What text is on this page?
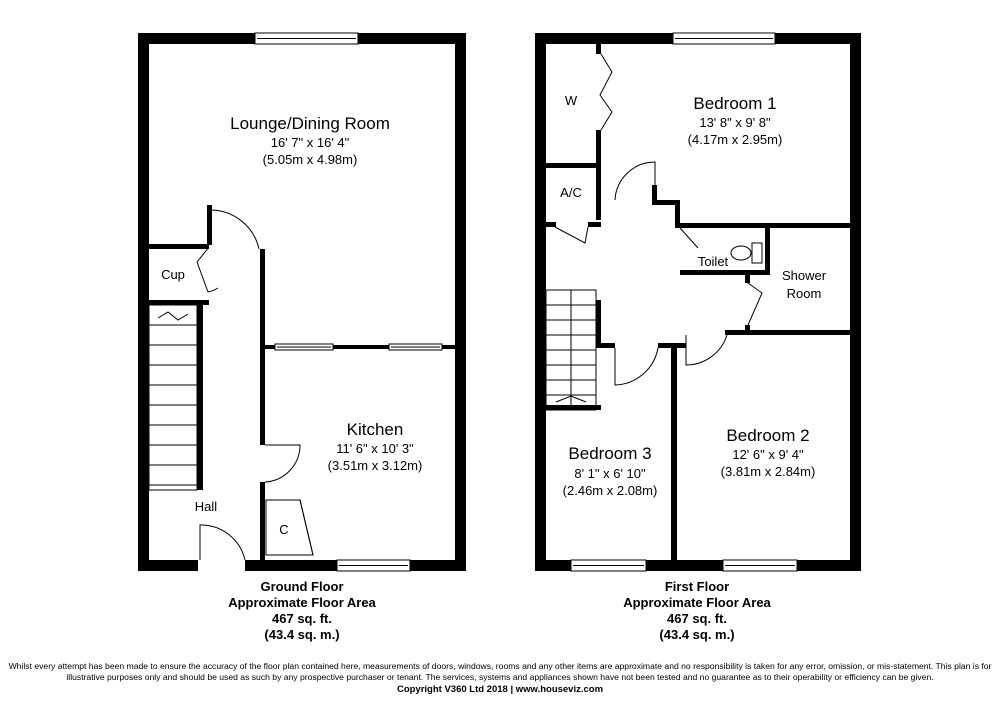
Lounge/Dining Room
16' 7" x 16' 4"
(5.05m x 4.98m)
Kitchen
11' 6" x 10' 3"
(3.51m x 3.12m)
Cup
Hall
C
Bedroom 1
13' 8" x 9' 8"
(4.17m x 2.95m)
Bedroom 2
12' 6" x 9' 4"
(3.81m x 2.84m)
Bedroom 3
8' 1" x 6' 10"
(2.46m x 2.08m)
W
A/C
Toilet
Shower
Room
Ground Floor
Approximate Floor Area
467 sq. ft.
(43.4 sq. m.)
First Floor
Approximate Floor Area
467 sq. ft.
(43.4 sq. m.)
Whilst every attempt has been made to ensure the accuracy of the floor plan contained here, measurements of doors, windows, rooms and any other items are approximate and no responsibility is taken for any error, omission, or mis-statement. This plan is for
illustrative purposes only and should be used as such by any prospective purchaser or tenant. The services, systems and appliances shown have not been tested and no guarantee as to their operability or efficiency can be given.
Copyright V360 Ltd 2018 | www.houseviz.com
